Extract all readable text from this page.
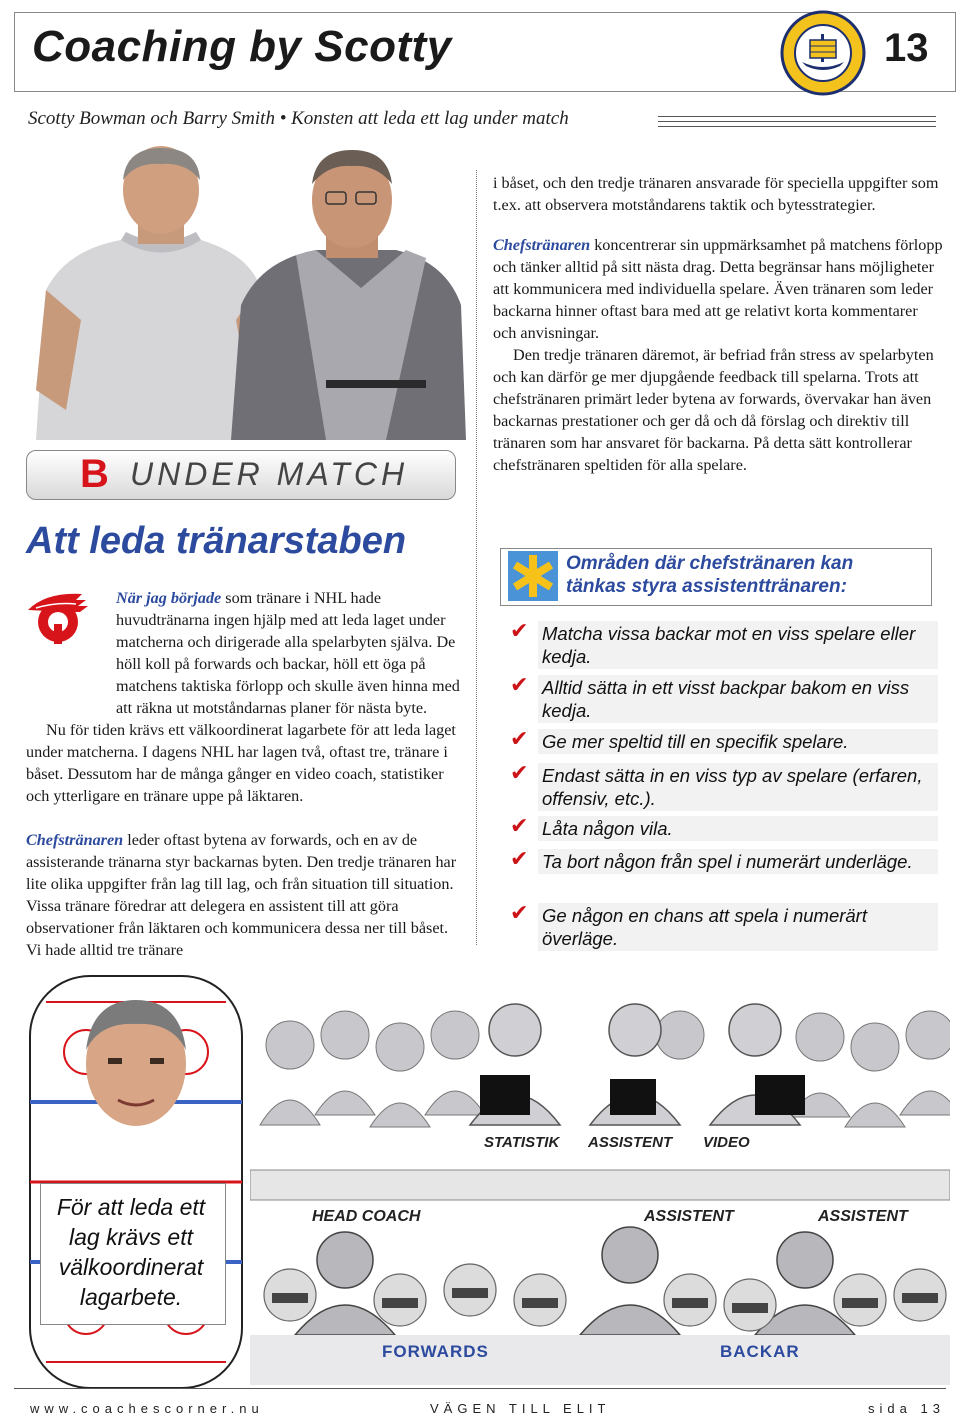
Coaching by Scotty	13
Scotty Bowman och Barry Smith • Konsten att leda ett lag under match
B UNDER MATCH
Att leda tränarstaben

När jag började som tränare i NHL hade huvudtränarna ingen hjälp med att leda laget under matcherna och dirigerade alla spelarbyten själva. De höll koll på forwards och backar, höll ett öga på matchens taktiska förlopp och skulle även hinna med att räkna ut motståndarnas planer för nästa byte.

Nu för tiden krävs ett välkoordinerat lagarbete för att leda laget under matcherna. I dagens NHL har lagen två, oftast tre, tränare i båset. Dessutom har de många gånger en video coach, statistiker och ytterligare en tränare uppe på läktaren.

Chefstränaren leder oftast bytena av forwards, och en av de assisterande tränarna styr backarnas byten. Den tredje tränaren har lite olika uppgifter från lag till lag, och från situation till situation. Vissa tränare föredrar att delegera en assistent till att göra observationer från läktaren och kommunicera dessa ner till båset. Vi hade alltid tre tränare

i båset, och den tredje tränaren ansvarade för speciella uppgifter som t.ex. att observera motståndarens taktik och bytesstrategier.

Chefstränaren koncentrerar sin uppmärksamhet på matchens förlopp och tänker alltid på sitt nästa drag. Detta begränsar hans möjligheter att kommunicera med individuella spelare. Även tränaren som leder backarna hinner oftast bara med att ge relativt korta kommentarer och anvisningar.

Den tredje tränaren däremot, är befriad från stress av spelarbyten och kan därför ge mer djupgående feedback till spelarna. Trots att chefstränaren primärt leder bytena av forwards, övervakar han även backarnas prestationer och ger då och då förslag och direktiv till tränaren som har ansvaret för backarna. På detta sätt kontrollerar chefstränaren speltiden för alla spelare.

Områden där chefstränaren kan
tänkas styra assistenttränaren:
✔ Matcha vissa backar mot en viss spelare eller kedja.
✔ Alltid sätta in ett visst backpar bakom en viss kedja.
✔ Ge mer speltid till en specifik spelare.
✔ Endast sätta in en viss typ av spelare (erfaren, offensiv, etc.).
✔ Låta någon vila.
✔ Ta bort någon från spel i numerärt underläge.
✔ Ge någon en chans att spela i numerärt överläge.
STATISTIK ASSISTENT VIDEO
HEAD COACH	ASSISTENT	ASSISTENT
FORWARDS	BACKAR
För att leda ett lag krävs ett välkoordinerat lagarbete.
www.coachescorner.nu	VÄGEN TILL ELIT	sida 13
